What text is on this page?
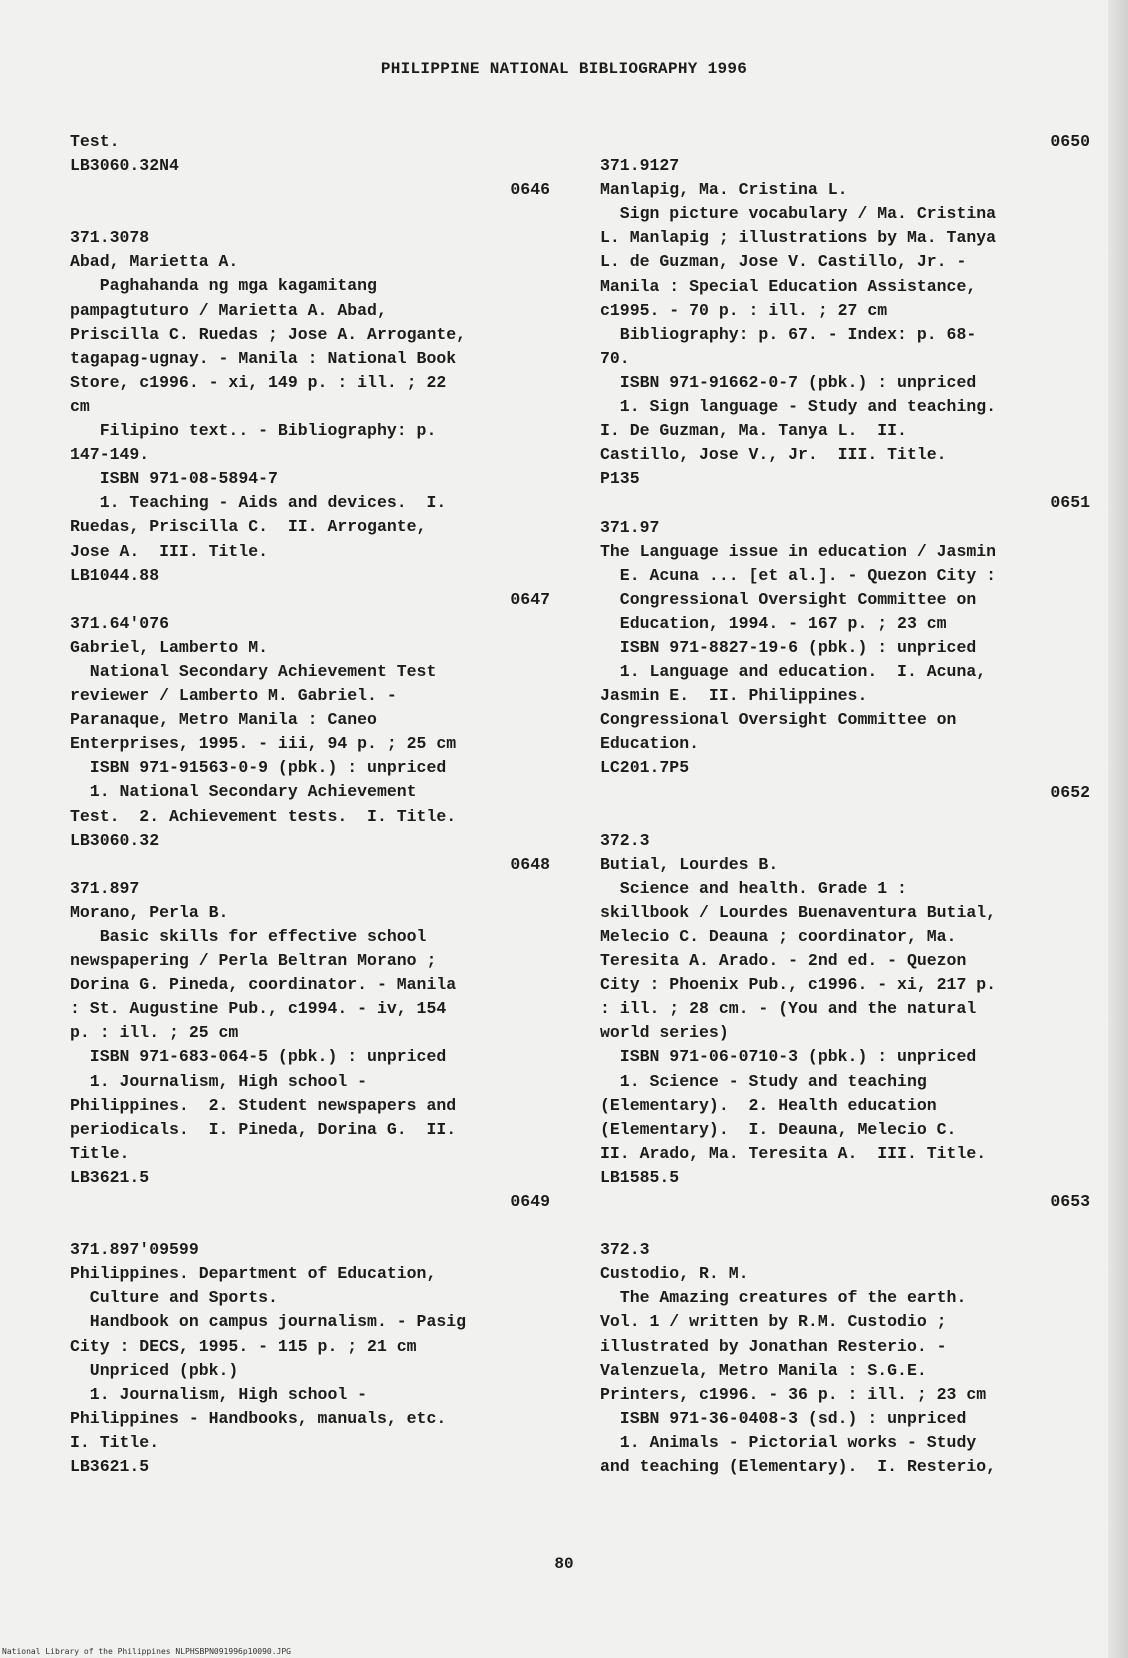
PHILIPPINE NATIONAL BIBLIOGRAPHY 1996
Test.
LB3060.32N4
0646
371.3078
Abad, Marietta A.
Paghahanda ng mga kagamitang
pampagtuturo / Marietta A. Abad,
Priscilla C. Ruedas ; Jose A. Arrogante,
tagapag-ugnay. - Manila : National Book
Store, c1996. - xi, 149 p. : ill. ; 22
cm
Filipino text.. - Bibliography: p.
147-149.
ISBN 971-08-5894-7
1. Teaching - Aids and devices.  I.
Ruedas, Priscilla C.  II. Arrogante,
Jose A.  III. Title.
LB1044.88
0647
371.64'076
Gabriel, Lamberto M.
National Secondary Achievement Test
reviewer / Lamberto M. Gabriel. -
Paranaque, Metro Manila : Caneo
Enterprises, 1995. - iii, 94 p. ; 25 cm
ISBN 971-91563-0-9 (pbk.) : unpriced
1. National Secondary Achievement
Test.  2. Achievement tests.  I. Title.
LB3060.32
0648
371.897
Morano, Perla B.
Basic skills for effective school
newspapering / Perla Beltran Morano ;
Dorina G. Pineda, coordinator. - Manila
: St. Augustine Pub., c1994. - iv, 154
p. : ill. ; 25 cm
ISBN 971-683-064-5 (pbk.) : unpriced
1. Journalism, High school -
Philippines.  2. Student newspapers and
periodicals.  I. Pineda, Dorina G.  II.
Title.
LB3621.5
0649
371.897'09599
Philippines. Department of Education,
Culture and Sports.
Handbook on campus journalism. - Pasig
City : DECS, 1995. - 115 p. ; 21 cm
Unpriced (pbk.)
1. Journalism, High school -
Philippines - Handbooks, manuals, etc.
I. Title.
LB3621.5
0650
371.9127
Manlapig, Ma. Cristina L.
Sign picture vocabulary / Ma. Cristina
L. Manlapig ; illustrations by Ma. Tanya
L. de Guzman, Jose V. Castillo, Jr. -
Manila : Special Education Assistance,
c1995. - 70 p. : ill. ; 27 cm
Bibliography: p. 67. - Index: p. 68-
70.
ISBN 971-91662-0-7 (pbk.) : unpriced
1. Sign language - Study and teaching.
I. De Guzman, Ma. Tanya L.  II.
Castillo, Jose V., Jr.  III. Title.
P135
0651
371.97
The Language issue in education / Jasmin
E. Acuna ... [et al.]. - Quezon City :
Congressional Oversight Committee on
Education, 1994. - 167 p. ; 23 cm
ISBN 971-8827-19-6 (pbk.) : unpriced
1. Language and education.  I. Acuna,
Jasmin E.  II. Philippines.
Congressional Oversight Committee on
Education.
LC201.7P5
0652
372.3
Butial, Lourdes B.
Science and health. Grade 1 :
skillbook / Lourdes Buenaventura Butial,
Melecio C. Deauna ; coordinator, Ma.
Teresita A. Arado. - 2nd ed. - Quezon
City : Phoenix Pub., c1996. - xi, 217 p.
: ill. ; 28 cm. - (You and the natural
world series)
ISBN 971-06-0710-3 (pbk.) : unpriced
1. Science - Study and teaching
(Elementary).  2. Health education
(Elementary).  I. Deauna, Melecio C.
II. Arado, Ma. Teresita A.  III. Title.
LB1585.5
0653
372.3
Custodio, R. M.
The Amazing creatures of the earth.
Vol. 1 / written by R.M. Custodio ;
illustrated by Jonathan Resterio. -
Valenzuela, Metro Manila : S.G.E.
Printers, c1996. - 36 p. : ill. ; 23 cm
ISBN 971-36-0408-3 (sd.) : unpriced
1. Animals - Pictorial works - Study
and teaching (Elementary).  I. Resterio,
80
National Library of the Philippines NLPHSBPN091996p10090.JPG
